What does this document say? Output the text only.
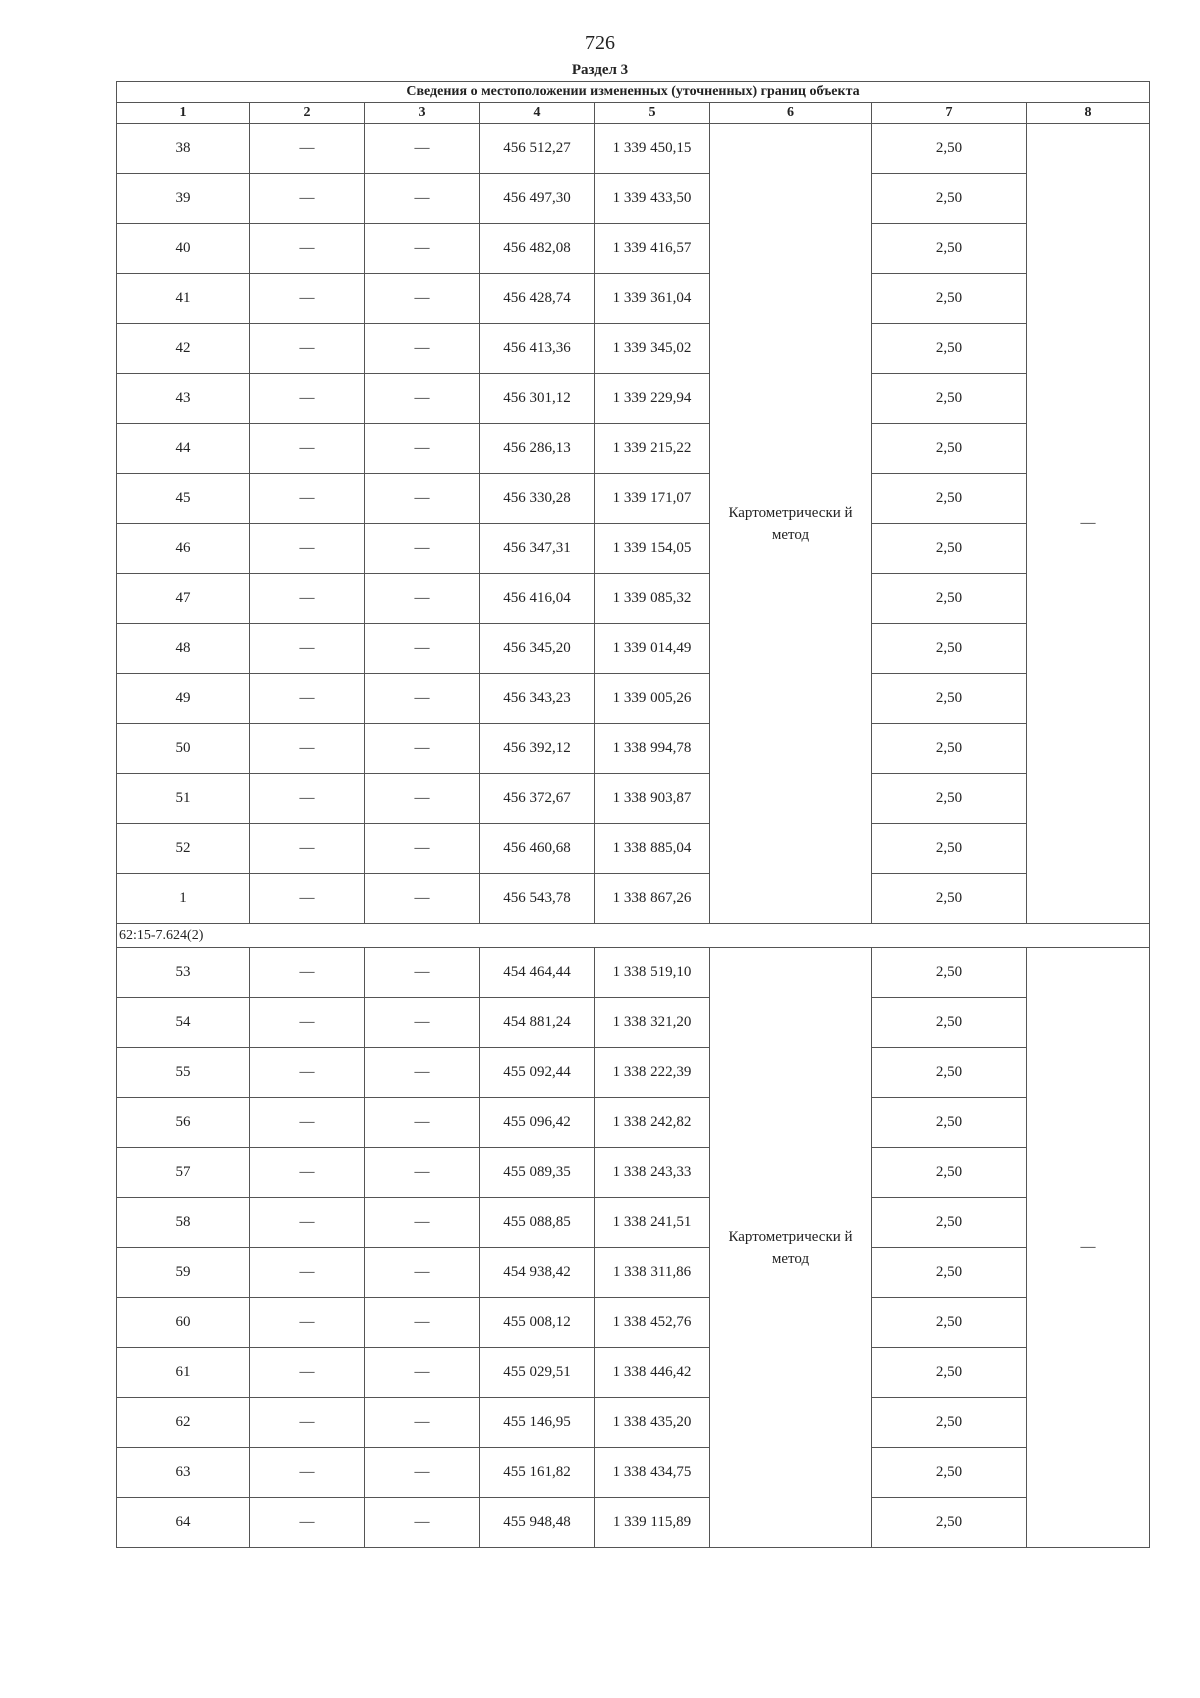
726
Раздел 3
Сведения о местоположении измененных (уточненных) границ объекта							
1	2	3	4	5	6	7	8
38	—	—	456 512,27	1 339 450,15	Картометрически й метод	2,50	—
39	—	—	456 497,30	1 339 433,50		2,50	
40	—	—	456 482,08	1 339 416,57		2,50	
41	—	—	456 428,74	1 339 361,04		2,50	
42	—	—	456 413,36	1 339 345,02		2,50	
43	—	—	456 301,12	1 339 229,94		2,50	
44	—	—	456 286,13	1 339 215,22		2,50	
45	—	—	456 330,28	1 339 171,07		2,50	
46	—	—	456 347,31	1 339 154,05		2,50	
47	—	—	456 416,04	1 339 085,32		2,50	
48	—	—	456 345,20	1 339 014,49		2,50	
49	—	—	456 343,23	1 339 005,26		2,50	
50	—	—	456 392,12	1 338 994,78		2,50	
51	—	—	456 372,67	1 338 903,87		2,50	
52	—	—	456 460,68	1 338 885,04		2,50	
1	—	—	456 543,78	1 338 867,26		2,50	
62:15-7.624(2)							
53	—	—	454 464,44	1 338 519,10	Картометрически й метод	2,50	—
54	—	—	454 881,24	1 338 321,20		2,50	
55	—	—	455 092,44	1 338 222,39		2,50	
56	—	—	455 096,42	1 338 242,82		2,50	
57	—	—	455 089,35	1 338 243,33		2,50	
58	—	—	455 088,85	1 338 241,51		2,50	
59	—	—	454 938,42	1 338 311,86		2,50	
60	—	—	455 008,12	1 338 452,76		2,50	
61	—	—	455 029,51	1 338 446,42		2,50	
62	—	—	455 146,95	1 338 435,20		2,50	
63	—	—	455 161,82	1 338 434,75		2,50	
64	—	—	455 948,48	1 339 115,89		2,50	
